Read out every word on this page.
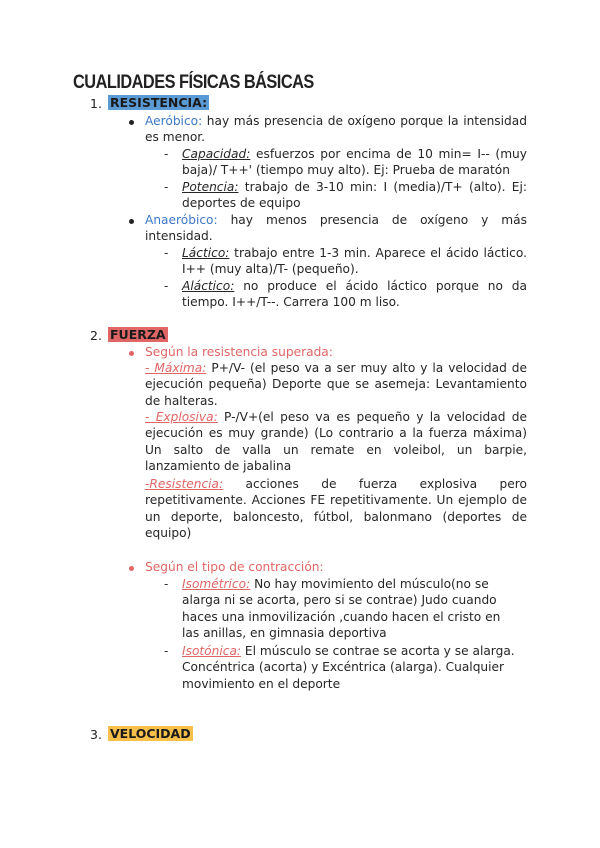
CUALIDADES FÍSICAS BÁSICAS
1. RESISTENCIA:
Aeróbico: hay más presencia de oxígeno porque la intensidad es menor.
- Capacidad: esfuerzos por encima de 10 min= I-- (muy baja)/ T++' (tiempo muy alto). Ej: Prueba de maratón
- Potencia: trabajo de 3-10 min: I (media)/T+ (alto). Ej: deportes de equipo
Anaeróbico: hay menos presencia de oxígeno y más intensidad.
- Láctico: trabajo entre 1-3 min. Aparece el ácido láctico. I++ (muy alta)/T- (pequeño).
- Aláctico: no produce el ácido láctico porque no da tiempo. I++/T--. Carrera 100 m liso.
2. FUERZA
Según la resistencia superada:
- Máxima: P+/V- (el peso va a ser muy alto y la velocidad de ejecución pequeña) Deporte que se asemeja: Levantamiento de halteras.
- Explosiva: P-/V+(el peso va es pequeño y la velocidad de ejecución es muy grande) (Lo contrario a la fuerza máxima) Un salto de valla un remate en voleibol, un barpie, lanzamiento de jabalina
-Resistencia: acciones de fuerza explosiva pero repetitivamente. Acciones FE repetitivamente. Un ejemplo de un deporte, baloncesto, fútbol, balonmano (deportes de equipo)
Según el tipo de contracción:
- Isométrico: No hay movimiento del músculo(no se alarga ni se acorta, pero si se contrae) Judo cuando haces una inmovilización ,cuando hacen el cristo en las anillas, en gimnasia deportiva
- Isotónica: El músculo se contrae se acorta y se alarga. Concéntrica (acorta) y Excéntrica (alarga). Cualquier movimiento en el deporte
3. VELOCIDAD
